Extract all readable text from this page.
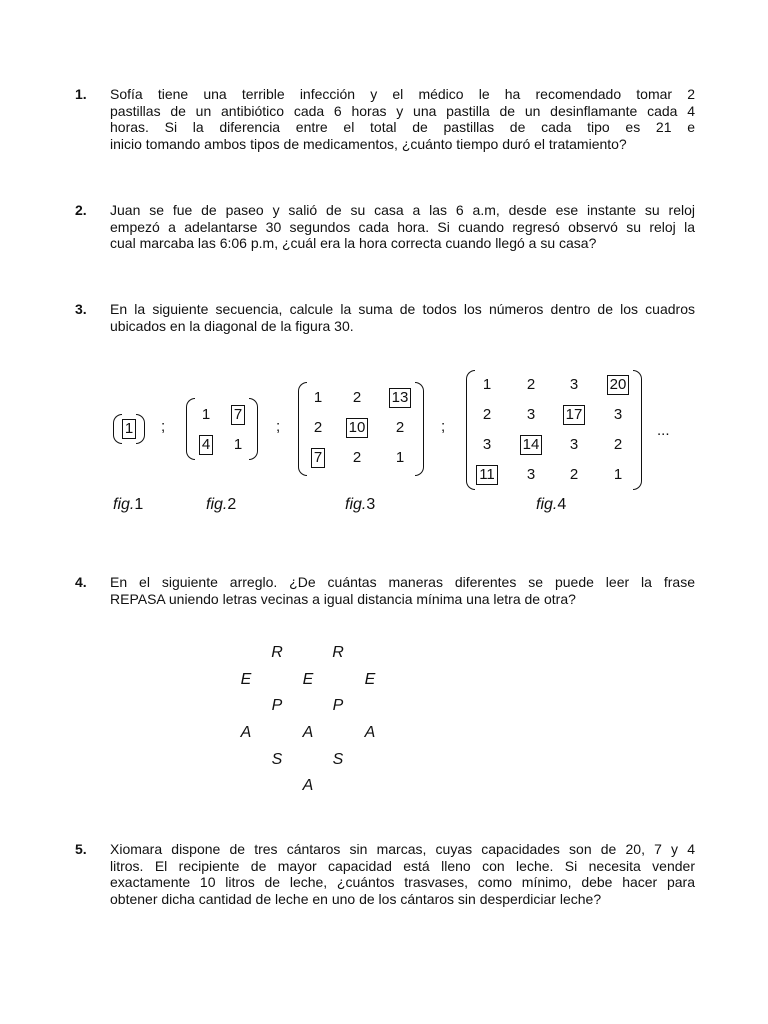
1. Sofía tiene una terrible infección y el médico le ha recomendado tomar 2
pastillas de un antibiótico cada 6 horas y una pastilla de un desinflamante cada 4
horas. Si la diferencia entre el total de pastillas de cada tipo es 21 e
inicio tomando ambos tipos de medicamentos, ¿cuánto tiempo duró el tratamiento?
2. Juan se fue de paseo y salió de su casa a las 6 a.m, desde ese instante su reloj
empezó a adelantarse 30 segundos cada hora. Si cuando regresó observó su reloj la
cual marcaba las 6:06 p.m, ¿cuál era la hora correcta cuando llegó a su casa?
3. En la siguiente secuencia, calcule la suma de todos los números dentro de los cuadros
ubicados en la diagonal de la figura 30.
1	;
1	7
4	1
;
1	2	13
2	10	2
7	2	1
;
1	2	3	20
2	3	17	3
3	14	3	2
11	3	2	1
...
fig.1	fig.2	fig.3	fig.4
4. En el siguiente arreglo. ¿De cuántas maneras diferentes se puede leer la frase
REPASA uniendo letras vecinas a igual distancia mínima una letra de otra?
R	R
E	E	E
P	P
A	A	A
S	S
A
5. Xiomara dispone de tres cántaros sin marcas, cuyas capacidades son de 20, 7 y 4
litros. El recipiente de mayor capacidad está lleno con leche. Si necesita vender
exactamente 10 litros de leche, ¿cuántos trasvases, como mínimo, debe hacer para
obtener dicha cantidad de leche en uno de los cántaros sin desperdiciar leche?
